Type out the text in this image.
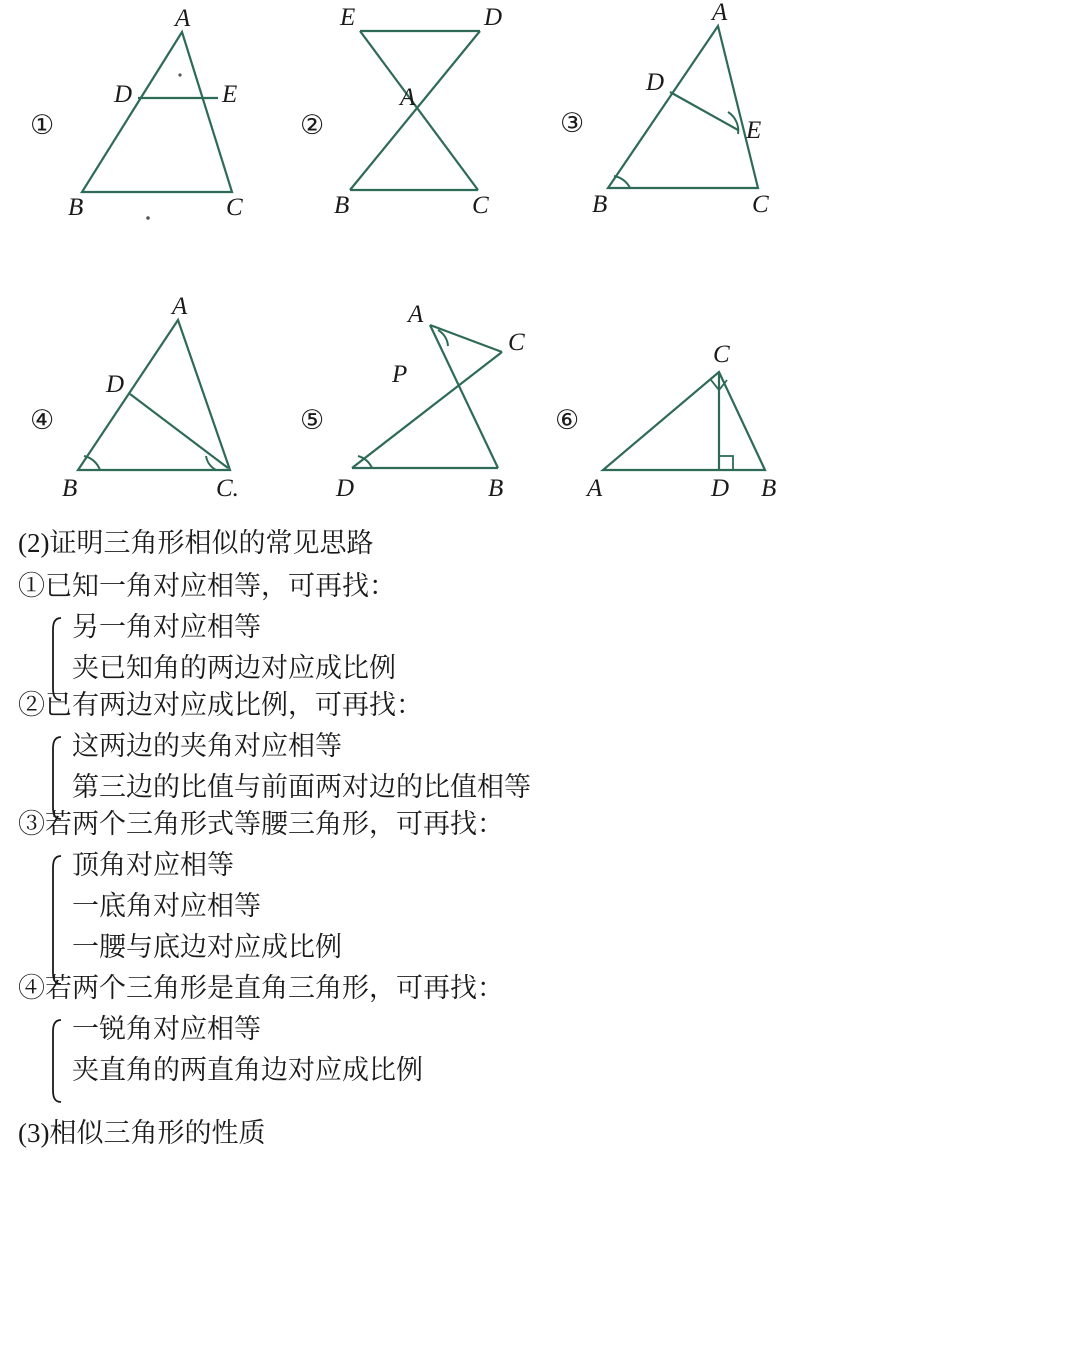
①
A
D	E
B	C
②
E	D
A
B	C
③
A
D
E
B	C
④
A
D
B	C.
⑤
A
C
P
D	B
⑥
C
A	D B
(2)证明三角形相似的常见思路
①已知一角对应相等，可再找：
另一角对应相等
夹已知角的两边对应成比例
②已有两边对应成比例，可再找：
这两边的夹角对应相等
第三边的比值与前面两对边的比值相等
③若两个三角形式等腰三角形，可再找：
顶角对应相等
一底角对应相等
一腰与底边对应成比例
④若两个三角形是直角三角形，可再找：
一锐角对应相等
夹直角的两直角边对应成比例
(3)相似三角形的性质
